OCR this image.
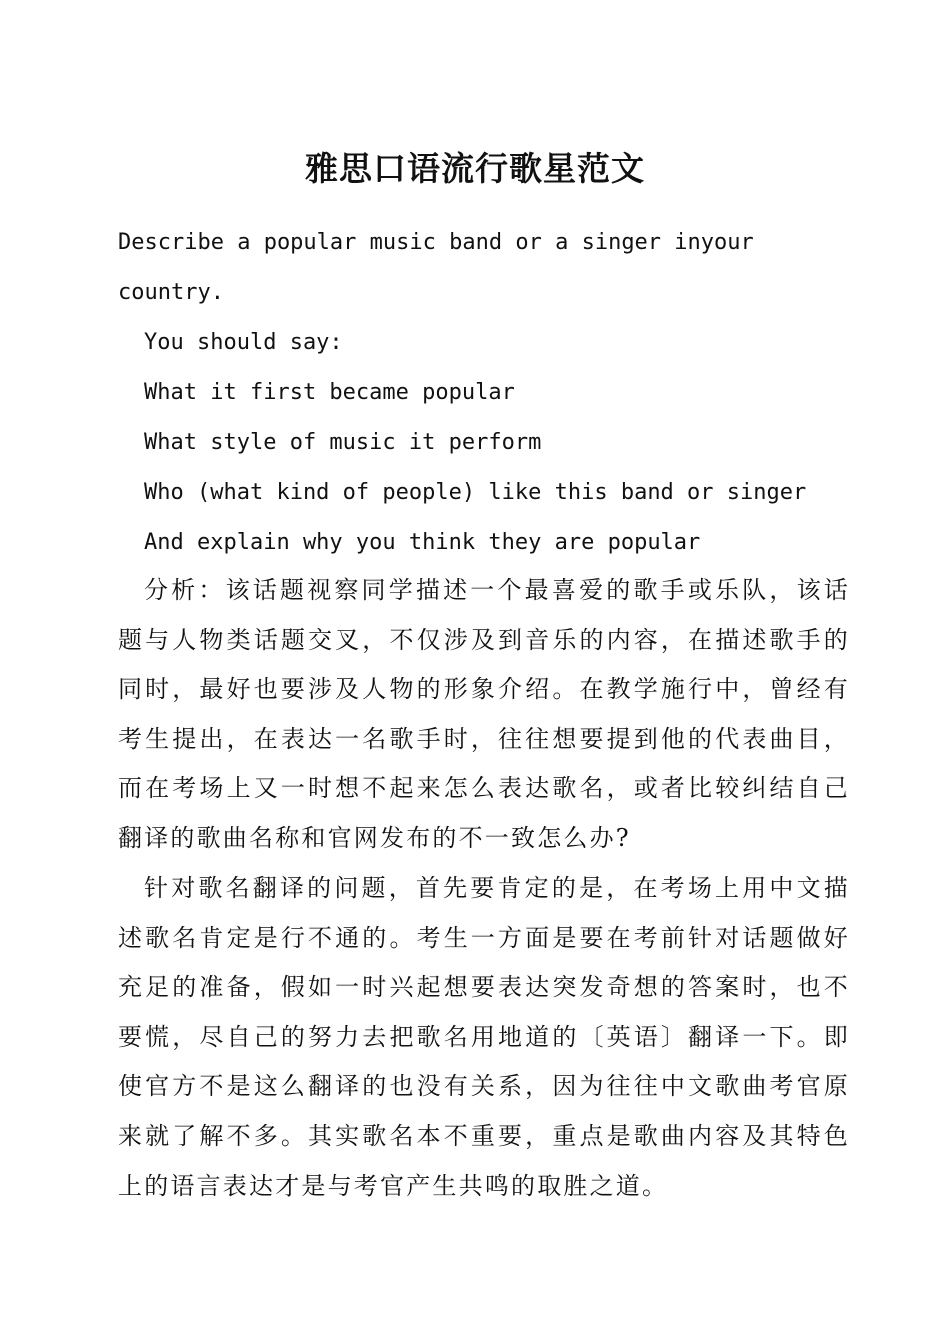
雅思口语流行歌星范文

Describe a popular music band or a singer inyour

country.

You should say:

What it first became popular

What style of music it perform

Who (what kind of people) like this band or singer

And explain why you think they are popular

分析：该话题视察同学描述一个最喜爱的歌手或乐队，该话题与人物类话题交叉，不仅涉及到音乐的内容，在描述歌手的同时，最好也要涉及人物的形象介绍。在教学施行中，曾经有考生提出，在表达一名歌手时，往往想要提到他的代表曲目，而在考场上又一时想不起来怎么表达歌名，或者比较纠结自己翻译的歌曲名称和官网发布的不一致怎么办?

针对歌名翻译的问题，首先要肯定的是，在考场上用中文描述歌名肯定是行不通的。考生一方面是要在考前针对话题做好充足的准备，假如一时兴起想要表达突发奇想的答案时，也不要慌，尽自己的努力去把歌名用地道的〔英语〕翻译一下。即使官方不是这么翻译的也没有关系，因为往往中文歌曲考官原来就了解不多。其实歌名本不重要，重点是歌曲内容及其特色上的语言表达才是与考官产生共鸣的取胜之道。
